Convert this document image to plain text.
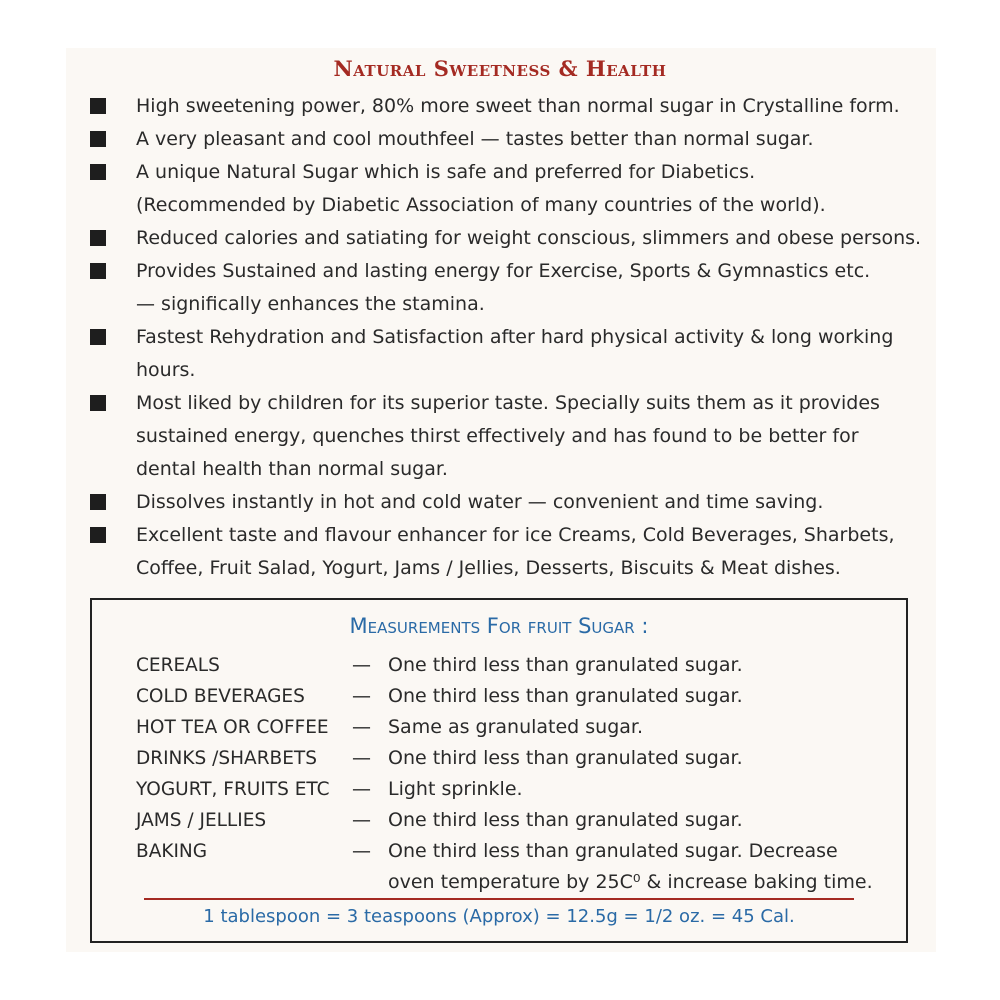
Natural Sweetness & Health
High sweetening power, 80% more sweet than normal sugar in Crystalline form.
A very pleasant and cool mouthfeel — tastes better than normal sugar.
A unique Natural Sugar which is safe and preferred for Diabetics.
(Recommended by Diabetic Association of many countries of the world).
Reduced calories and satiating for weight conscious, slimmers and obese persons.
Provides Sustained and lasting energy for Exercise, Sports & Gymnastics etc.
— significally enhances the stamina.
Fastest Rehydration and Satisfaction after hard physical activity & long working
hours.
Most liked by children for its superior taste. Specially suits them as it provides
sustained energy, quenches thirst effectively and has found to be better for
dental health than normal sugar.
Dissolves instantly in hot and cold water — convenient and time saving.
Excellent taste and flavour enhancer for ice Creams, Cold Beverages, Sharbets,
Coffee, Fruit Salad, Yogurt, Jams / Jellies, Desserts, Biscuits & Meat dishes.
Measurements For fruit Sugar :
CEREALS	— One third less than granulated sugar.
COLD BEVERAGES	— One third less than granulated sugar.
HOT TEA OR COFFEE	— Same as granulated sugar.
DRINKS /SHARBETS	— One third less than granulated sugar.
YOGURT, FRUITS ETC	— Light sprinkle.
JAMS / JELLIES	— One third less than granulated sugar.
BAKING	— One third less than granulated sugar. Decrease
oven temperature by 25C⁰ & increase baking time.
1 tablespoon = 3 teaspoons (Approx) = 12.5g = 1/2 oz. = 45 Cal.
